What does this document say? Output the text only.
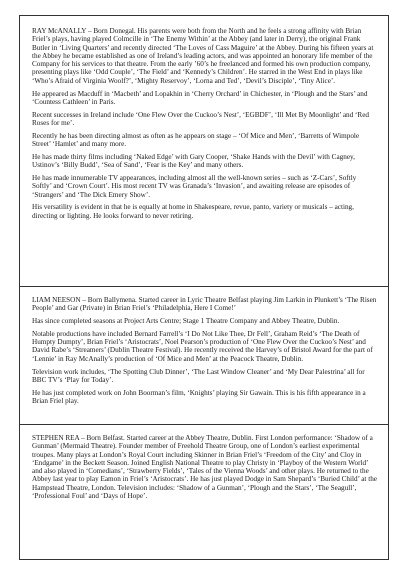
RAY McANALLY – Born Donegal. His parents were both from the North and he feels a strong affinity with Brian Friel’s plays, having played Colmcille in ‘The Enemy Within’ at the Abbey (and later in Derry), the original Frank Butler in ‘Living Quarters’ and recently directed ‘The Loves of Cass Maguire’ at the Abbey. During his fifteen years at the Abbey he became established as one of Ireland’s leading actors, and was appointed an honorary life member of the Company for his services to that theatre. From the early ’60’s he freelanced and formed his own production company, presenting plays like ‘Odd Couple’, ‘The Field’ and ‘Kennedy’s Children’. He starred in the West End in plays like ‘Who’s Afraid of Virginia Woolf?’, ‘Mighty Reservoy’, ‘Lorna and Ted’, ‘Devil’s Disciple’, ‘Tiny Alice’.

He appeared as Macduff in ‘Macbeth’ and Lopakhin in ‘Cherry Orchard’ in Chichester, in ‘Plough and the Stars’ and ‘Countess Cathleen’ in Paris.

Recent successes in Ireland include ‘One Flew Over the Cuckoo’s Nest’, ‘EGBDF’, ‘Ill Met By Moonlight’ and ‘Red Roses for me’.

Recently he has been directing almost as often as he appears on stage – ‘Of Mice and Men’, ‘Barretts of Wimpole Street’ ‘Hamlet’ and many more.

He has made thirty films including ‘Naked Edge’ with Gary Cooper, ‘Shake Hands with the Devil’ with Cagney, Ustinov’s ‘Billy Budd’, ‘Sea of Sand’, ‘Fear is the Key’ and many others.

He has made innumerable TV appearances, including almost all the well-known series – such as ‘Z-Cars’, Softly Softly’ and ‘Crown Court’. His most recent TV was Granada’s ‘Invasion’, and awaiting release are episodes of ‘Strangers’ and ‘The Dick Emery Show’.

His versatility is evident in that he is equally at home in Shakespeare, revue, panto, variety or musicals – acting, directing or lighting. He looks forward to never retiring.

LIAM NEESON – Born Ballymena. Started career in Lyric Theatre Belfast playing Jim Larkin in Plunkett’s ‘The Risen People’ and Gar (Private) in Brian Friel’s ‘Philadelphia, Here I Come!’

Has since completed seasons at Project Arts Centre; Stage 1 Theatre Company and Abbey Theatre, Dublin.

Notable productions have included Bernard Farrell’s ‘I Do Not Like Thee, Dr Fell’, Graham Reid’s ‘The Death of Humpty Dumpty’, Brian Friel’s ‘Aristocrats’, Noel Pearson’s production of ‘One Flew Over the Cuckoo’s Nest’ and David Rabe’s ‘Streamers’ (Dublin Theatre Festival). He recently received the Harvey’s of Bristol Award for the part of ‘Lennie’ in Ray McAnally’s production of ‘Of Mice and Men’ at the Peacock Theatre, Dublin.

Television work includes, ‘The Spotting Club Dinner’, ‘The Last Window Cleaner’ and ‘My Dear Palestrina’ all for BBC TV’s ‘Play for Today’.

He has just completed work on John Boorman’s film, ‘Knights’ playing Sir Gawain. This is his fifth appearance in a Brian Friel play.

STEPHEN REA – Born Belfast. Started career at the Abbey Theatre, Dublin. First London performance: ‘Shadow of a Gunman’ (Mermaid Theatre). Founder member of Freehold Theatre Group, one of London’s earliest experimental troupes. Many plays at London’s Royal Court including Skinner in Brian Friel’s ‘Freedom of the City’ and Cloy in ‘Endgame’ in the Beckett Season. Joined English National Theatre to play Christy in ‘Playboy of the Western World’ and also played in ‘Comedians’, ‘Strawberry Fields’, ‘Tales of the Vienna Woods’ and other plays. He returned to the Abbey last year to play Eamon in Friel’s ‘Aristocrats’. He has just played Dodge in Sam Shepard’s ‘Buried Child’ at the Hampstead Theatre, London. Television includes: ‘Shadow of a Gunman’, ‘Plough and the Stars’, ‘The Seagull’, ‘Professional Foul’ and ‘Days of Hope’.
